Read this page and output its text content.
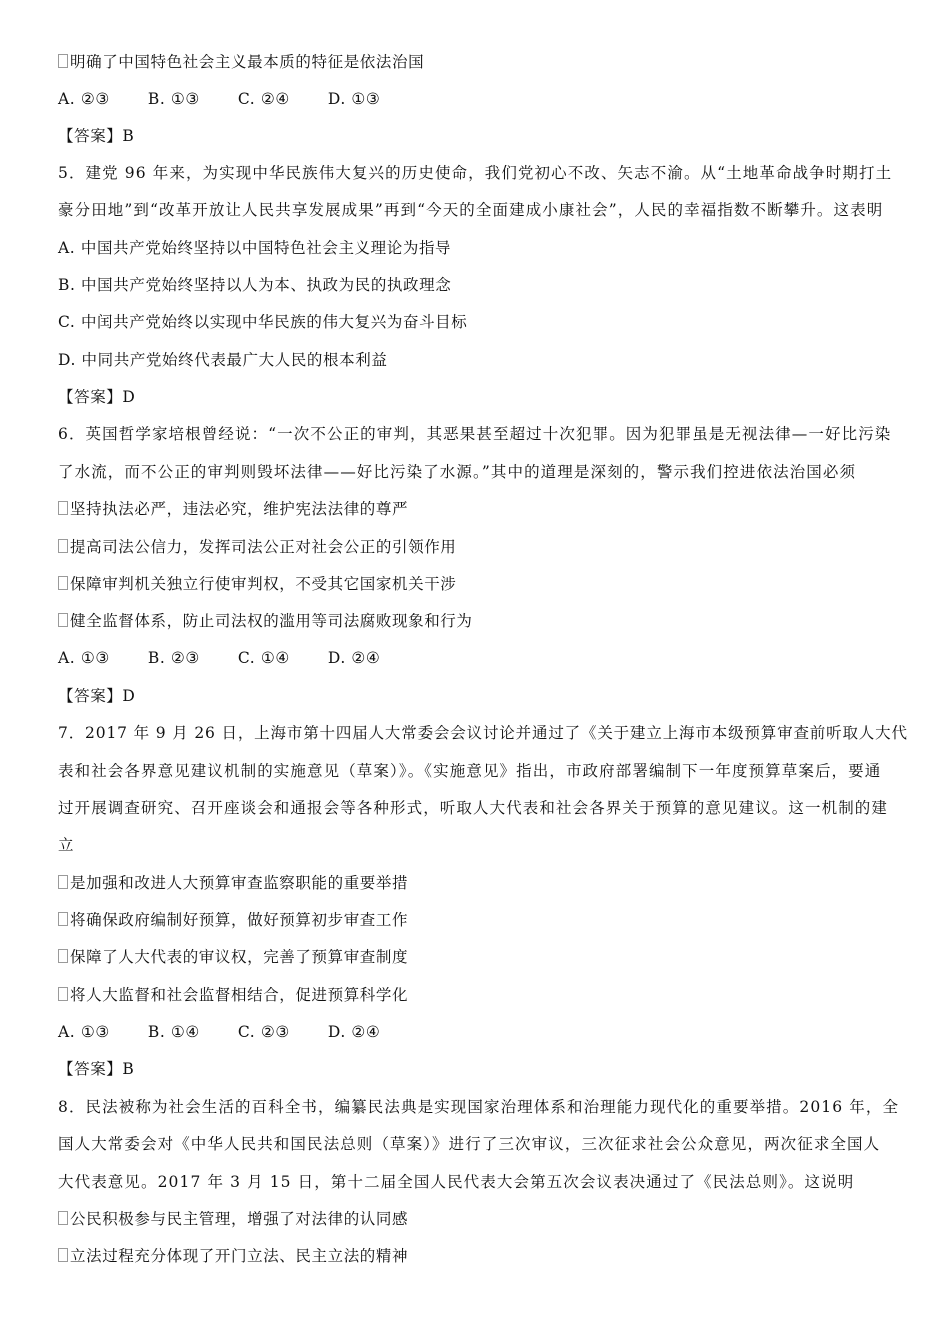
明确了中国特色社会主义最本质的特征是依法治国
A. ②③ B. ①③ C. ②④ D. ①③
【答案】B
5．建党 96 年来，为实现中华民族伟大复兴的历史使命，我们党初心不改、矢志不渝。从“土地革命战争时期打土
豪分田地”到“改革开放让人民共享发展成果”再到“今天的全面建成小康社会”，人民的幸福指数不断攀升。这表明
A. 中国共产党始终坚持以中国特色社会主义理论为指导
B. 中国共产党始终坚持以人为本、执政为民的执政理念
C. 中闰共产党始终以实现中华民族的伟大复兴为奋斗目标
D. 中同共产党始终代表最广大人民的根本利益
【答案】D
6．英国哲学家培根曾经说：“一次不公正的审判，其恶果甚至超过十次犯罪。因为犯罪虽是无视法律—一好比污染
了水流，而不公正的审判则毁坏法律——好比污染了水源。”其中的道理是深刻的，警示我们控进依法治国必须
坚持执法必严，违法必究，维护宪法法律的尊严
提高司法公信力，发挥司法公正对社会公正的引领作用
保障审判机关独立行使审判权，不受其它国家机关干涉
健全监督体系，防止司法权的滥用等司法腐败现象和行为
A. ①③ B. ②③ C. ①④ D. ②④
【答案】D
7．2017 年 9 月 26 日，上海市第十四届人大常委会会议讨论并通过了《关于建立上海市本级预算审查前听取人大代
表和社会各界意见建议机制的实施意见（草案）》。《实施意见》指出，市政府部署编制下一年度预算草案后，要通
过开展调查研究、召开座谈会和通报会等各种形式，听取人大代表和社会各界关于预算的意见建议。这一机制的建
立
是加强和改进人大预算审查监察职能的重要举措
将确保政府编制好预算，做好预算初步审查工作
保障了人大代表的审议权，完善了预算审查制度
将人大监督和社会监督相结合，促进预算科学化
A. ①③ B. ①④ C. ②③ D. ②④
【答案】B
8．民法被称为社会生活的百科全书，编纂民法典是实现国家治理体系和治理能力现代化的重要举措。2016 年，全
国人大常委会对《中华人民共和国民法总则（草案）》进行了三次审议，三次征求社会公众意见，两次征求全国人
大代表意见。2017 年 3 月 15 日，第十二届全国人民代表大会第五次会议表决通过了《民法总则》。这说明
公民积极参与民主管理，增强了对法律的认同感
立法过程充分体现了开门立法、民主立法的精神
